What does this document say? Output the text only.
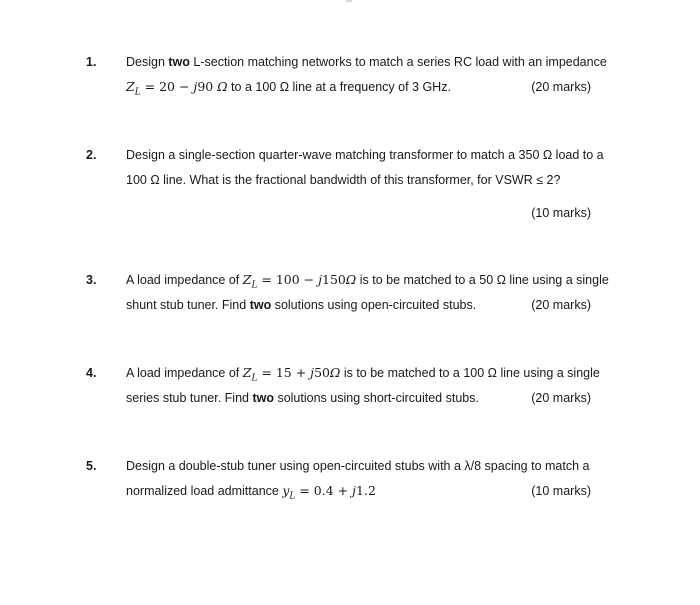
1. Design two L-section matching networks to match a series RC load with an impedance
$Z_L = 20 - j90$ Ω to a 100 Ω line at a frequency of 3 GHz.	(20 marks)
2. Design a single-section quarter-wave matching transformer to match a 350 Ω load to a
100 Ω line. What is the fractional bandwidth of this transformer, for VSWR ≤ 2?
(10 marks)
3. A load impedance of $Z_L = 100 - j150\Omega$ is to be matched to a 50 Ω line using a single
shunt stub tuner. Find two solutions using open-circuited stubs.	(20 marks)
4. A load impedance of $Z_L = 15 + j50\Omega$ is to be matched to a 100 Ω line using a single
series stub tuner. Find two solutions using short-circuited stubs.	(20 marks)
5. Design a double-stub tuner using open-circuited stubs with a λ/8 spacing to match a
normalized load admittance $y_L = 0.4 + j1.2$	(10 marks)
